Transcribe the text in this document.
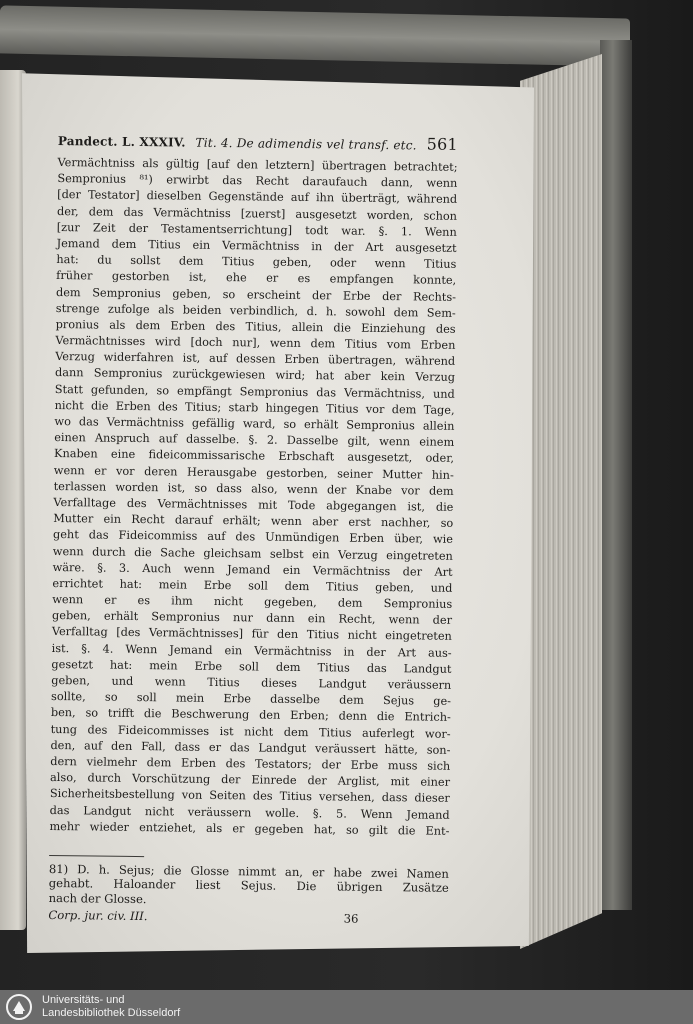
Pandect. L. XXXIV. Tit. 4. De adimendis vel transf. etc. 561
Vermächtniss als gültig [auf den letztern] übertragen betrachtet;
Sempronius ⁸¹) erwirbt das Recht daraufauch dann, wenn
[der Testator] dieselben Gegenstände auf ihn überträgt, während
der, dem das Vermächtniss [zuerst] ausgesetzt worden, schon
[zur Zeit der Testamentserrichtung] todt war. §. 1. Wenn
Jemand dem Titius ein Vermächtniss in der Art ausgesetzt
hat: du sollst dem Titius geben, oder wenn Titius
früher gestorben ist, ehe er es empfangen konnte,
dem Sempronius geben, so erscheint der Erbe der Rechts-
strenge zufolge als beiden verbindlich, d. h. sowohl dem Sem-
pronius als dem Erben des Titius, allein die Einziehung des
Vermächtnisses wird [doch nur], wenn dem Titius vom Erben
Verzug widerfahren ist, auf dessen Erben übertragen, während
dann Sempronius zurückgewiesen wird; hat aber kein Verzug
Statt gefunden, so empfängt Sempronius das Vermächtniss, und
nicht die Erben des Titius; starb hingegen Titius vor dem Tage,
wo das Vermächtniss gefällig ward, so erhält Sempronius allein
einen Anspruch auf dasselbe. §. 2. Dasselbe gilt, wenn einem
Knaben eine fideicommissarische Erbschaft ausgesetzt, oder,
wenn er vor deren Herausgabe gestorben, seiner Mutter hin-
terlassen worden ist, so dass also, wenn der Knabe vor dem
Verfalltage des Vermächtnisses mit Tode abgegangen ist, die
Mutter ein Recht darauf erhält; wenn aber erst nachher, so
geht das Fideicommiss auf des Unmündigen Erben über, wie
wenn durch die Sache gleichsam selbst ein Verzug eingetreten
wäre. §. 3. Auch wenn Jemand ein Vermächtniss der Art
errichtet hat: mein Erbe soll dem Titius geben, und
wenn er es ihm nicht gegeben, dem Sempronius
geben, erhält Sempronius nur dann ein Recht, wenn der
Verfalltag [des Vermächtnisses] für den Titius nicht eingetreten
ist. §. 4. Wenn Jemand ein Vermächtniss in der Art aus-
gesetzt hat: mein Erbe soll dem Titius das Landgut
geben, und wenn Titius dieses Landgut veräussern
sollte, so soll mein Erbe dasselbe dem Sejus ge-
ben, so trifft die Beschwerung den Erben; denn die Entrich-
tung des Fideicommisses ist nicht dem Titius auferlegt wor-
den, auf den Fall, dass er das Landgut veräussert hätte, son-
dern vielmehr dem Erben des Testators; der Erbe muss sich
also, durch Vorschützung der Einrede der Arglist, mit einer
Sicherheitsbestellung von Seiten des Titius versehen, dass dieser
das Landgut nicht veräussern wolle. §. 5. Wenn Jemand
mehr wieder entziehet, als er gegeben hat, so gilt die Ent-
81) D. h. Sejus; die Glosse nimmt an, er habe zwei Namen
gehabt. Haloander liest Sejus. Die übrigen Zusätze
nach der Glosse.
Corp. jur. civ. III.	36
Universitäts- und
Landesbibliothek Düsseldorf
